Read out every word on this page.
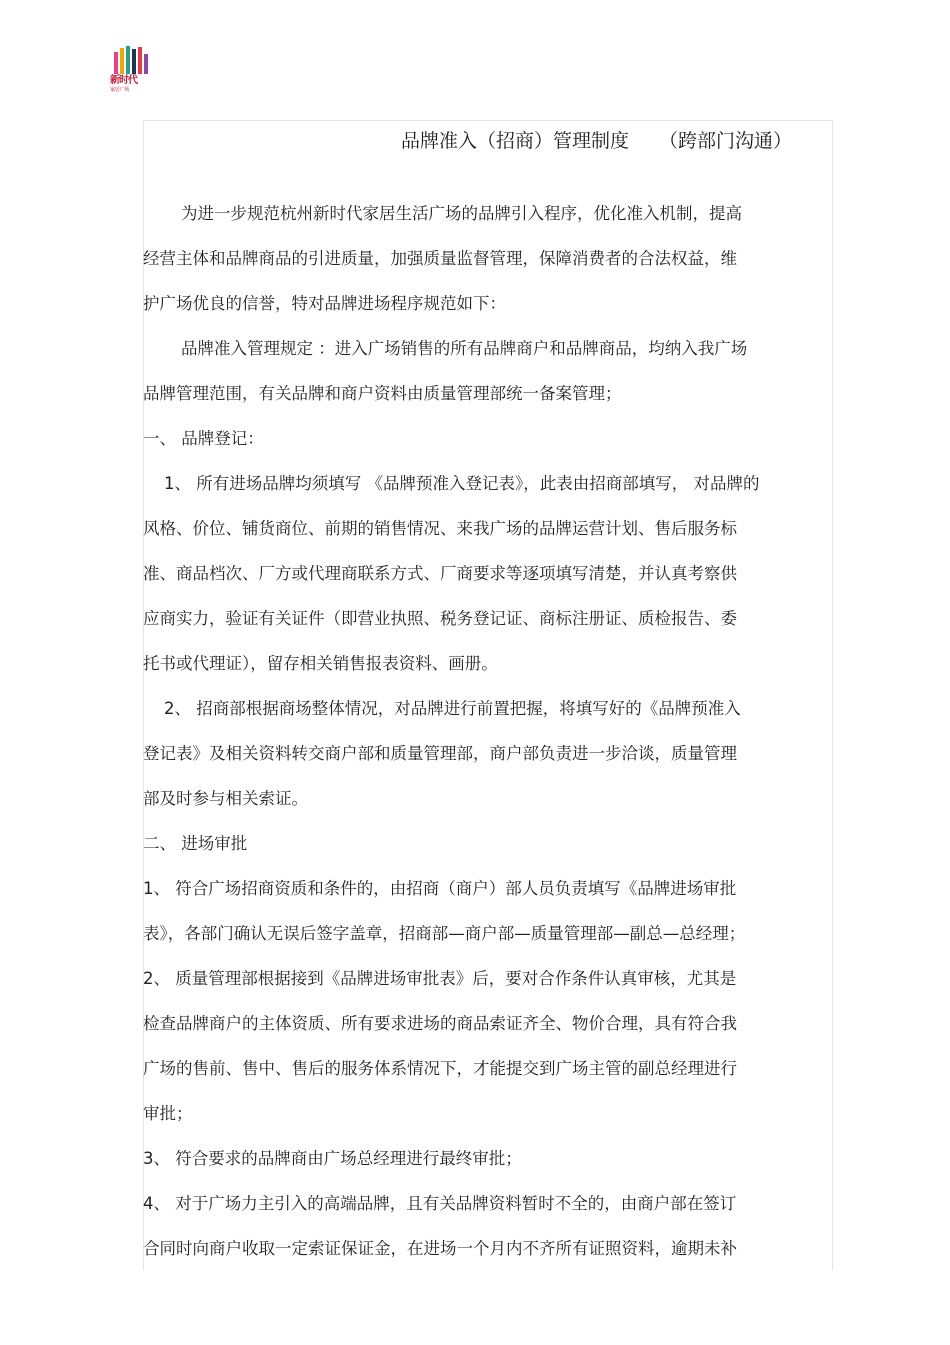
新时代
家居广场
品牌准入（招商）管理制度 （跨部门沟通）
为进一步规范杭州新时代家居生活广场的品牌引入程序，优化准入机制，提高
经营主体和品牌商品的引进质量，加强质量监督管理，保障消费者的合法权益，维
护广场优良的信誉，特对品牌进场程序规范如下：
品牌准入管理规定 ：进入广场销售的所有品牌商户和品牌商品，均纳入我广场
品牌管理范围，有关品牌和商户资料由质量管理部统一备案管理；
一、 品牌登记：
1、 所有进场品牌均须填写 《品牌预准入登记表》，此表由招商部填写， 对品牌的
风格、价位、铺货商位、前期的销售情况、来我广场的品牌运营计划、售后服务标
准、商品档次、厂方或代理商联系方式、厂商要求等逐项填写清楚，并认真考察供
应商实力，验证有关证件（即营业执照、税务登记证、商标注册证、质检报告、委
托书或代理证），留存相关销售报表资料、画册。
2、 招商部根据商场整体情况，对品牌进行前置把握，将填写好的《品牌预准入
登记表》及相关资料转交商户部和质量管理部，商户部负责进一步洽谈，质量管理
部及时参与相关索证。
二、 进场审批
1、 符合广场招商资质和条件的，由招商（商户）部人员负责填写《品牌进场审批
表》，各部门确认无误后签字盖章，招商部—商户部—质量管理部—副总—总经理；
2、 质量管理部根据接到《品牌进场审批表》后，要对合作条件认真审核，尤其是
检查品牌商户的主体资质、所有要求进场的商品索证齐全、物价合理，具有符合我
广场的售前、售中、售后的服务体系情况下，才能提交到广场主管的副总经理进行
审批；
3、 符合要求的品牌商由广场总经理进行最终审批；
4、 对于广场力主引入的高端品牌，且有关品牌资料暂时不全的，由商户部在签订
合同时向商户收取一定索证保证金，在进场一个月内不齐所有证照资料，逾期未补
